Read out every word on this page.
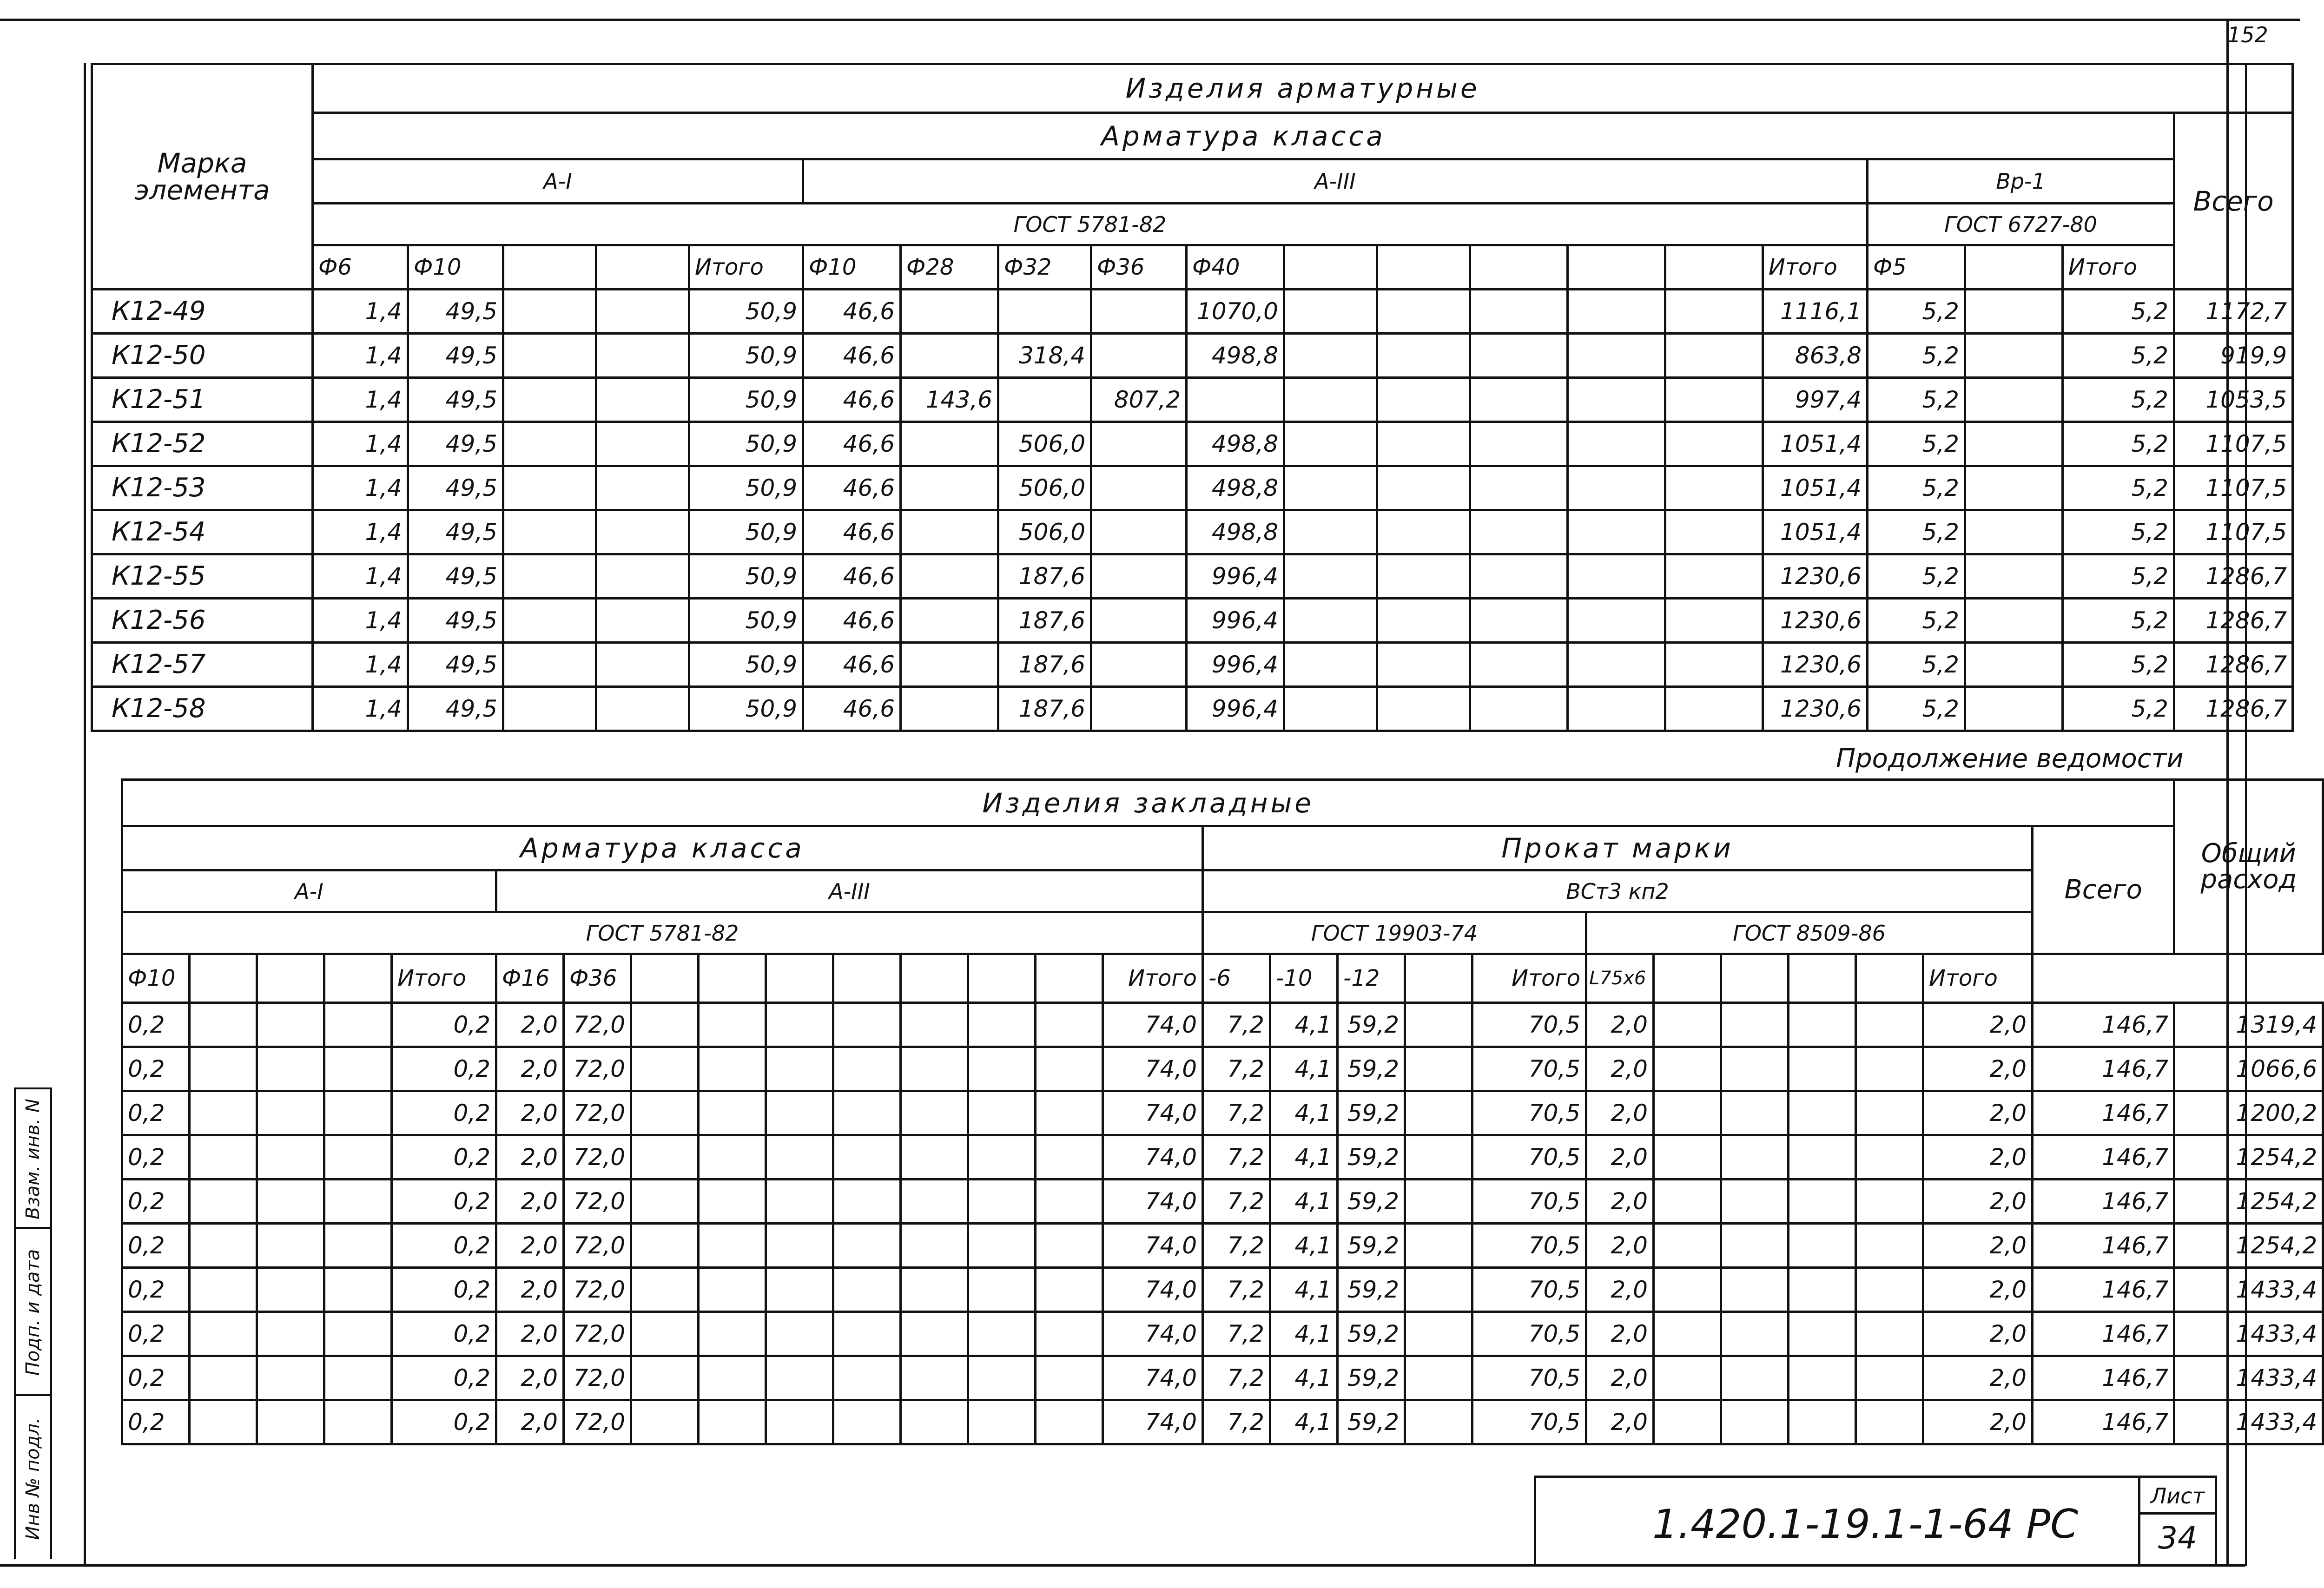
152
Марка элемента	Изделия арматурные																			
	Арматура класса																			Всего
	А-I					А-III											Вр-1			
	ГОСТ 5781-82																ГОСТ 6727-80			
	Ф6	Ф10			Итого	Ф10	Ф28	Ф32	Ф36	Ф40						Итого	Ф5		Итого	
К12-49	1,4	49,5			50,9	46,6				1070,0						1116,1	5,2		5,2	1172,7
К12-50	1,4	49,5			50,9	46,6		318,4		498,8						863,8	5,2		5,2	919,9
К12-51	1,4	49,5			50,9	46,6	143,6		807,2							997,4	5,2		5,2	1053,5
К12-52	1,4	49,5			50,9	46,6		506,0		498,8						1051,4	5,2		5,2	1107,5
К12-53	1,4	49,5			50,9	46,6		506,0		498,8						1051,4	5,2		5,2	1107,5
К12-54	1,4	49,5			50,9	46,6		506,0		498,8						1051,4	5,2		5,2	1107,5
К12-55	1,4	49,5			50,9	46,6		187,6		996,4						1230,6	5,2		5,2	1286,7
К12-56	1,4	49,5			50,9	46,6		187,6		996,4						1230,6	5,2		5,2	1286,7
К12-57	1,4	49,5			50,9	46,6		187,6		996,4						1230,6	5,2		5,2	1286,7
К12-58	1,4	49,5			50,9	46,6		187,6		996,4						1230,6	5,2		5,2	1286,7
Продолжение ведомости
Изделия закладные																											Общий расход
Арматура класса															Прокат марки											Всего	
А-I					А-III										ВСт3 кп2												
ГОСТ 5781-82															ГОСТ 19903-74					ГОСТ 8509-86							
Ф10				Итого	Ф16	Ф36								Итого	-6	-10	-12		Итого	L75x6					Итого		
0,2				0,2	2,0	72,0								74,0	7,2	4,1	59,2		70,5	2,0					2,0	146,7	1319,4
0,2				0,2	2,0	72,0								74,0	7,2	4,1	59,2		70,5	2,0					2,0	146,7	1066,6
0,2				0,2	2,0	72,0								74,0	7,2	4,1	59,2		70,5	2,0					2,0	146,7	1200,2
0,2				0,2	2,0	72,0								74,0	7,2	4,1	59,2		70,5	2,0					2,0	146,7	1254,2
0,2				0,2	2,0	72,0								74,0	7,2	4,1	59,2		70,5	2,0					2,0	146,7	1254,2
0,2				0,2	2,0	72,0								74,0	7,2	4,1	59,2		70,5	2,0					2,0	146,7	1254,2
0,2				0,2	2,0	72,0								74,0	7,2	4,1	59,2		70,5	2,0					2,0	146,7	1433,4
0,2				0,2	2,0	72,0								74,0	7,2	4,1	59,2		70,5	2,0					2,0	146,7	1433,4
0,2				0,2	2,0	72,0								74,0	7,2	4,1	59,2		70,5	2,0					2,0	146,7	1433,4
0,2				0,2	2,0	72,0								74,0	7,2	4,1	59,2		70,5	2,0					2,0	146,7	1433,4
Инв № подл.
Подп. и дата
Взам. инв. N
1.420.1-19.1-1-64 РС
Лист
34
